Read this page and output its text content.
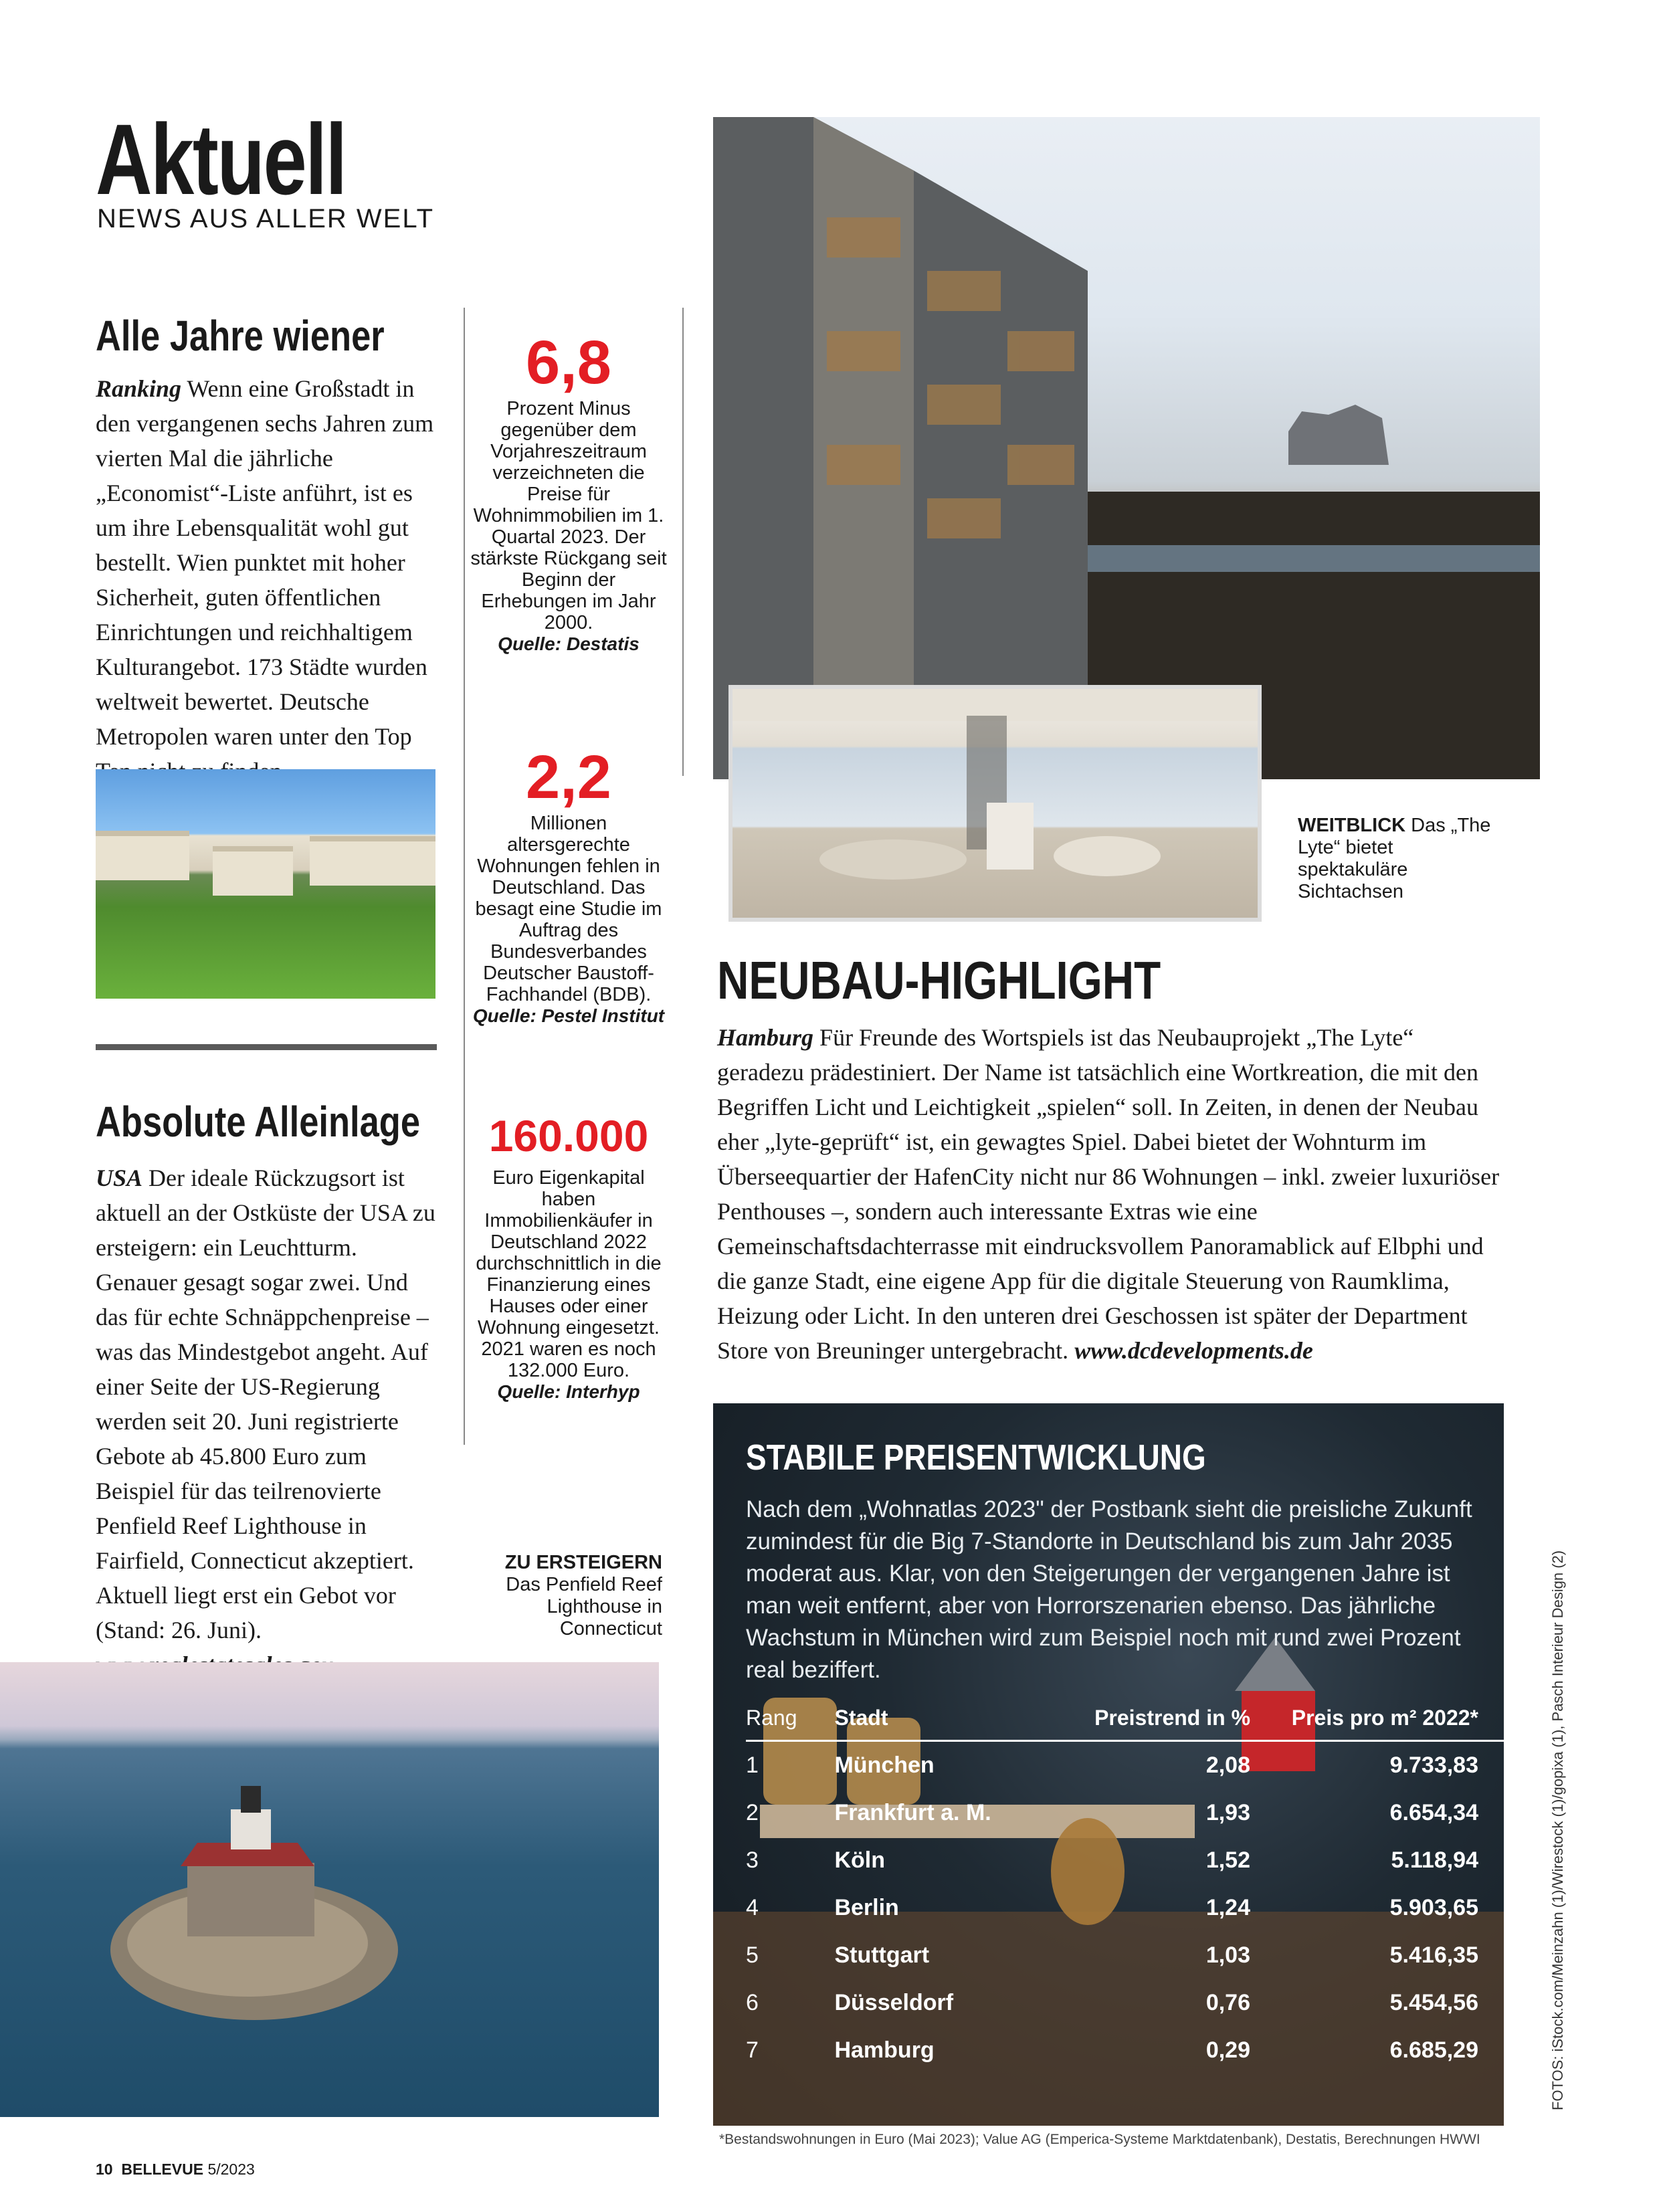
Aktuell
NEWS AUS ALLER WELT
Alle Jahre wiener
Ranking Wenn eine Großstadt in den vergangenen sechs Jahren zum vierten Mal die jährliche „Economist“-Liste anführt, ist es um ihre Lebensqualität wohl gut bestellt. Wien punktet mit hoher Sicherheit, guten öffentlichen Einrichtungen und reichhaltigem Kulturangebot. 173 Städte wurden weltweit bewertet. Deutsche Metropolen waren unter den Top
Absolute Alleinlage
USA Der ideale Rückzugsort ist aktuell an der Ostküste der USA zu ersteigern: ein Leuchtturm. Genauer gesagt sogar zwei. Und das für echte Schnäppchenpreise – was das Mindestgebot angeht. Auf einer Seite der US-Regierung werden seit 20. Juni registrierte Gebote ab 45.800 Euro zum Beispiel für das teilrenovierte Penfield Reef Lighthouse in Fairfield, Connecticut akzeptiert. Aktuell liegt erst ein Gebot vor (Stand: 26. Juni).
6,8
Prozent Minus gegenüber dem Vorjahreszeitraum verzeichneten die Preise für Wohnimmobilien im 1. Quartal 2023. Der stärkste Rückgang seit Beginn der Erhebungen im Jahr 2000.
Quelle: Destatis
2,2
Millionen altersgerechte Wohnungen fehlen in Deutschland. Das besagt eine Studie im Auftrag des Bundesverbandes Deutscher Baustoff-Fachhandel (BDB).
Quelle: Pestel Institut
160.000
Euro Eigenkapital haben Immobilienkäufer in Deutschland 2022 durchschnittlich in die Finanzierung eines Hauses oder einer Wohnung eingesetzt. 2021 waren es noch 132.000 Euro.
Quelle: Interhyp
ZU ERSTEIGERN
Das Penfield Reef Lighthouse in Connecticut
WEITBLICK Das „The Lyte“ bietet spektakuläre Sichtachsen
NEUBAU-HIGHLIGHT
Hamburg Für Freunde des Wortspiels ist das Neubauprojekt „The Lyte“ geradezu prädestiniert. Der Name ist tatsächlich eine Wortkreation, die mit den Begriffen Licht und Leichtigkeit „spielen“ soll. In Zeiten, in denen der Neubau eher „lyte-geprüft“ ist, ein gewagtes Spiel. Dabei bietet der Wohnturm im Überseequartier der HafenCity nicht nur 86 Wohnungen – inkl. zweier luxuriöser Penthouses –, sondern auch interessante Extras wie eine Gemeinschaftsdachterrasse mit eindrucksvollem Panoramablick auf Elbphi und die ganze Stadt, eine eigene App für die digitale Steuerung von Raumklima, Heizung oder Licht. In den unteren drei Geschossen ist später der Department Store von Breuninger untergebracht. www.dcdevelopments.de
STABILE PREISENTWICKLUNG
Nach dem „Wohnatlas 2023" der Postbank sieht die preisliche Zukunft zumindest für die Big 7-Standorte in Deutschland bis zum Jahr 2035 moderat aus. Klar, von den Steigerungen der vergangenen Jahre ist man weit entfernt, aber von Horrorszenarien ebenso. Das jährliche Wachstum in München wird zum Beispiel noch mit rund zwei Prozent real beziffert.
Rang	Stadt	Preistrend in %	Preis pro m² 2022*
1	München	2,08	9.733,83
2	Frankfurt a. M.	1,93	6.654,34
3	Köln	1,52	5.118,94
4	Berlin	1,24	5.903,65
5	Stuttgart	1,03	5.416,35
6	Düsseldorf	0,76	5.454,56
7	Hamburg	0,29	6.685,29
*Bestandswohnungen in Euro (Mai 2023); Value AG (Emperica-Systeme Marktdatenbank), Destatis, Berechnungen HWWI
FOTOS: iStock.com/Meinzahn (1)/Wirestock (1)/gopixa (1), Pasch Interieur Design (2)
10 BELLEVUE 5/2023
